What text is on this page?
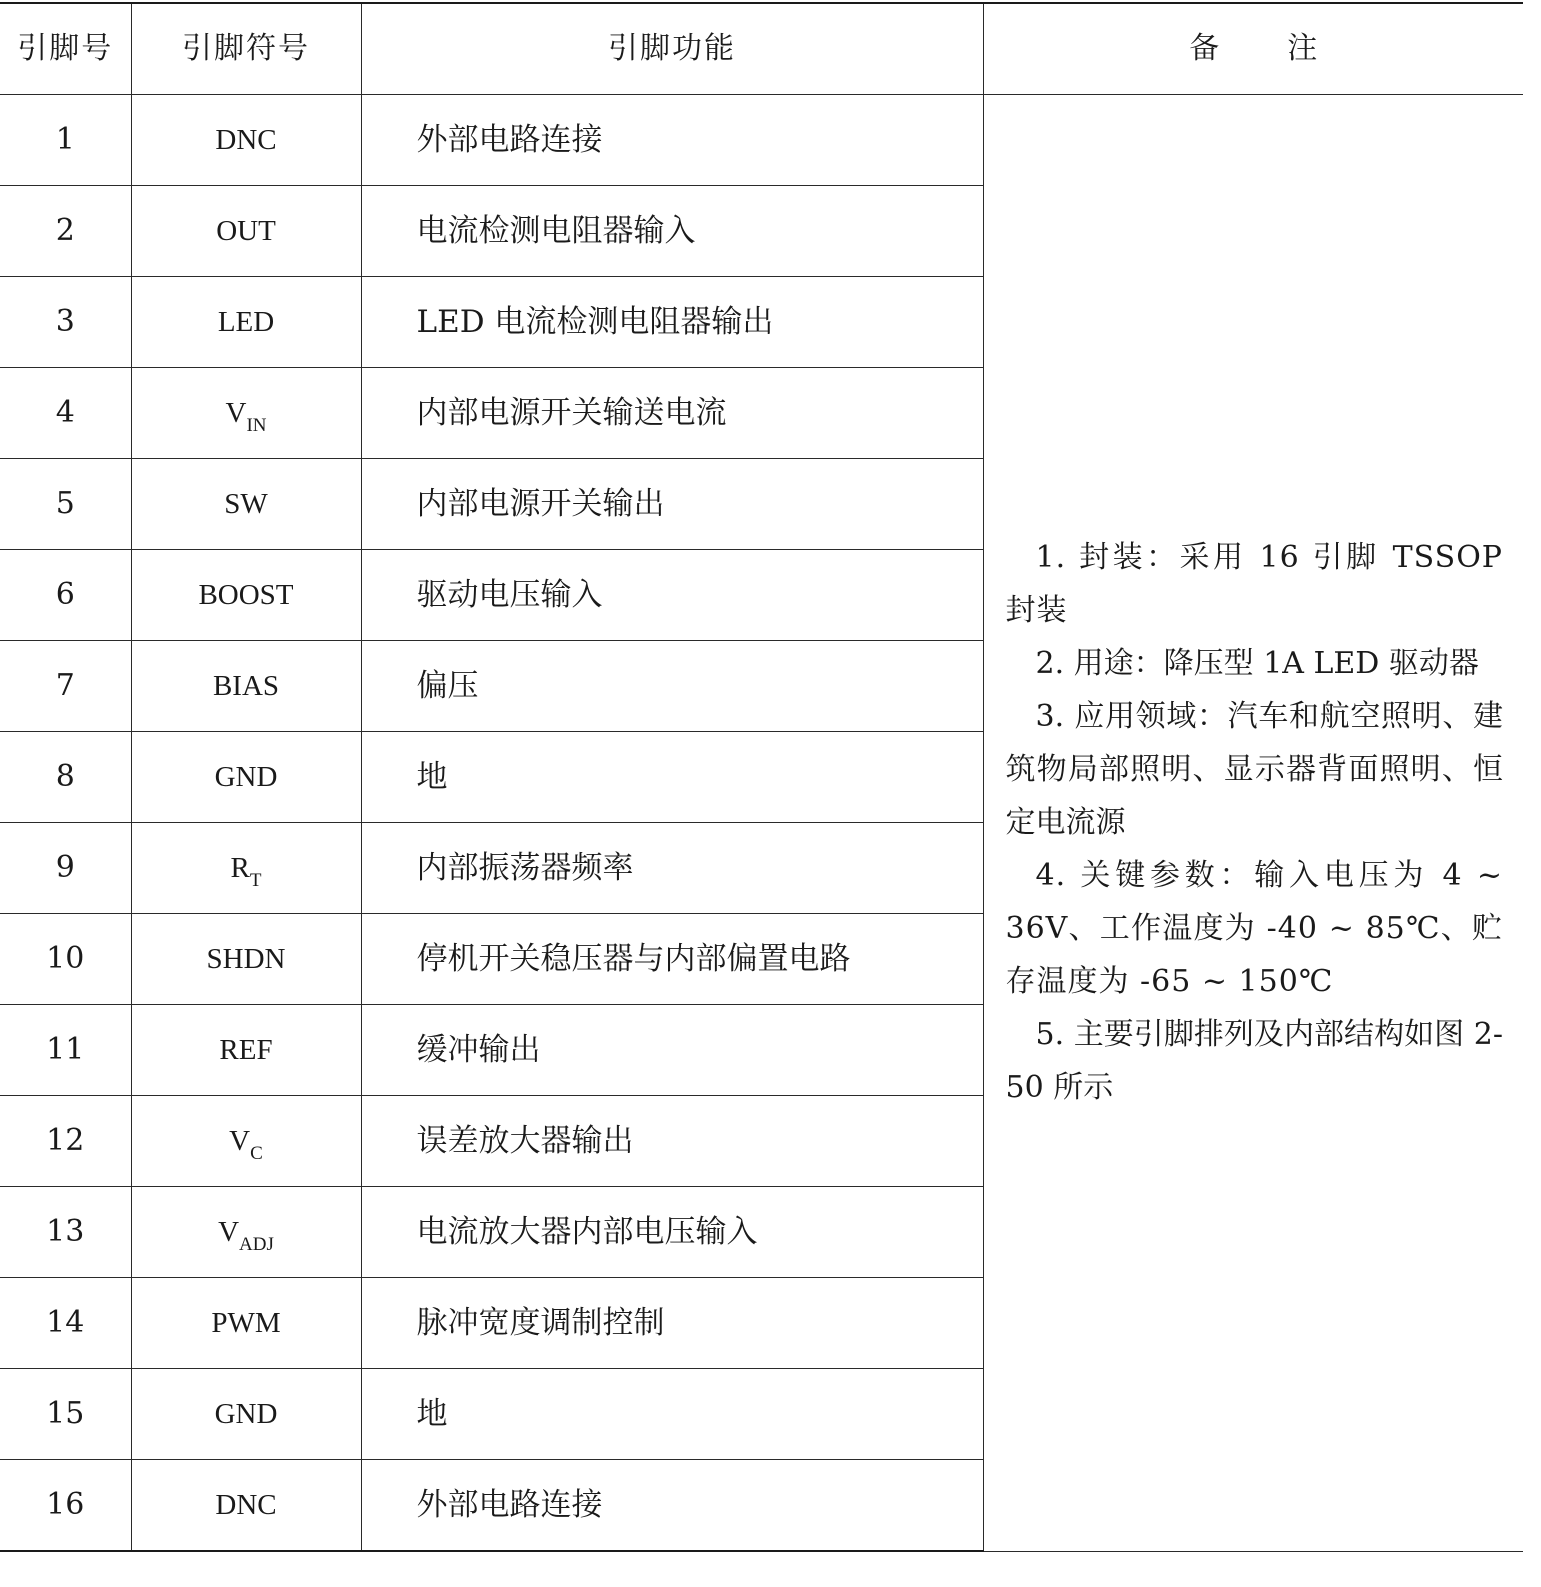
引脚号	引脚符号	引脚功能	备 注
1	DNC	外部电路连接	1. 封装：采用 16 引脚 TSSOP 封装

2. 用途：降压型 1A LED 驱动器

3. 应用领域：汽车和航空照明、建筑物局部照明、显示器背面照明、恒定电流源

4. 关键参数：输入电压为 4 ~ 36V、工作温度为 -40 ~ 85℃、贮存温度为 -65 ~ 150℃

5. 主要引脚排列及内部结构如图 2-50 所示

2	OUT	电流检测电阻器输入	
3	LED	LED 电流检测电阻器输出	
4	$V_{IN}$	内部电源开关输送电流	
5	SW	内部电源开关输出	
6	BOOST	驱动电压输入	
7	BIAS	偏压	
8	GND	地	
9	$R_T$	内部振荡器频率	
10	SHDN	停机开关稳压器与内部偏置电路	
11	REF	缓冲输出	
12	$V_C$	误差放大器输出	
13	$V_{ADJ}$	电流放大器内部电压输入	
14	PWM	脉冲宽度调制控制	
15	GND	地	
16	DNC	外部电路连接	
